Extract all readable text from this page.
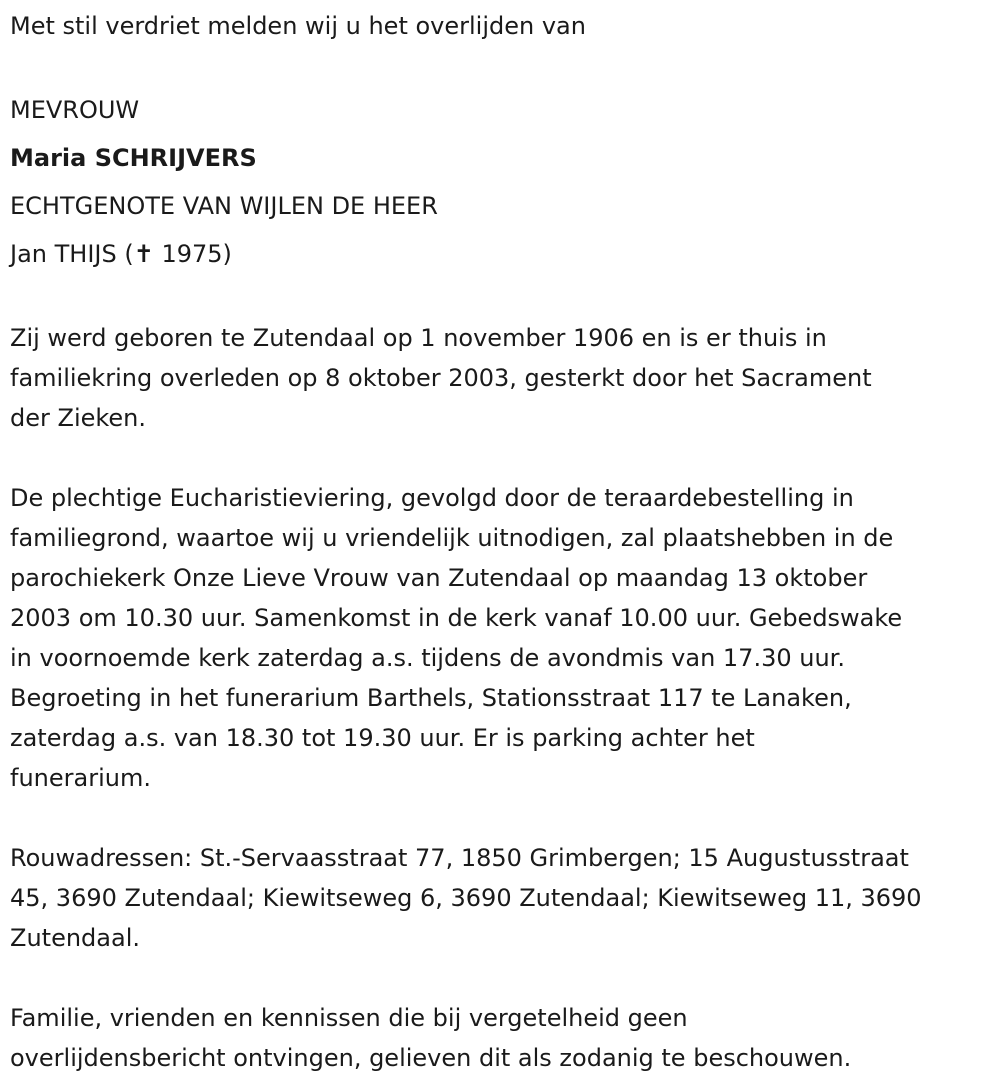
Met stil verdriet melden wij u het overlijden van

MEVROUW

Maria SCHRIJVERS

ECHTGENOTE VAN WIJLEN DE HEER

Jan THIJS (✝ 1975)

Zij werd geboren te Zutendaal op 1 november 1906 en is er thuis in

familiekring overleden op 8 oktober 2003, gesterkt door het Sacrament

der Zieken.

De plechtige Eucharistieviering, gevolgd door de teraardebestelling in

familiegrond, waartoe wij u vriendelijk uitnodigen, zal plaatshebben in de

parochiekerk Onze Lieve Vrouw van Zutendaal op maandag 13 oktober

2003 om 10.30 uur. Samenkomst in de kerk vanaf 10.00 uur. Gebedswake

in voornoemde kerk zaterdag a.s. tijdens de avondmis van 17.30 uur.

Begroeting in het funerarium Barthels, Stationsstraat 117 te Lanaken,

zaterdag a.s. van 18.30 tot 19.30 uur. Er is parking achter het

funerarium.

Rouwadressen: St.-Servaasstraat 77, 1850 Grimbergen; 15 Augustusstraat

45, 3690 Zutendaal; Kiewitseweg 6, 3690 Zutendaal; Kiewitseweg 11, 3690

Zutendaal.

Familie, vrienden en kennissen die bij vergetelheid geen

overlijdensbericht ontvingen, gelieven dit als zodanig te beschouwen.
